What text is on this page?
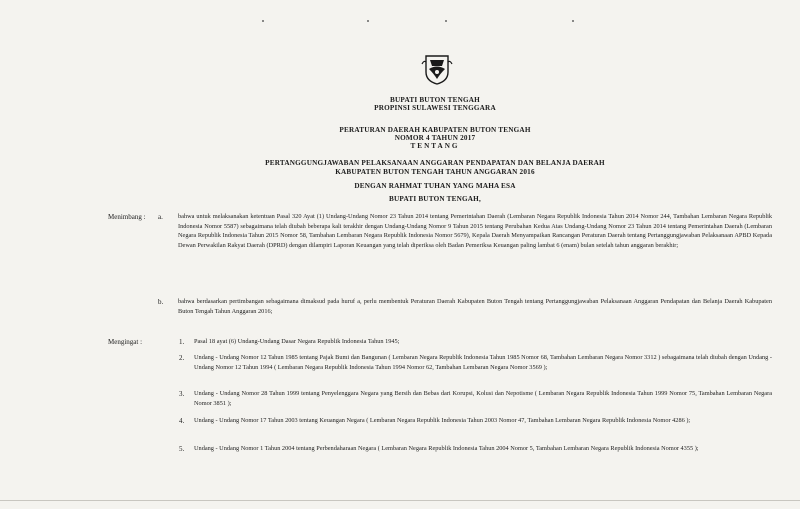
BUPATI BUTON TENGAH
PROPINSI SULAWESI TENGGARA
PERATURAN DAERAH KABUPATEN BUTON TENGAH
NOMOR 4 TAHUN 2017
TENTANG
PERTANGGUNGJAWABAN PELAKSANAAN ANGGARAN PENDAPATAN DAN BELANJA DAERAH
KABUPATEN BUTON TENGAH TAHUN ANGGARAN 2016
DENGAN RAHMAT TUHAN YANG MAHA ESA
BUPATI BUTON TENGAH,
Menimbang : a. bahwa untuk melaksanakan ketentuan Pasal 320 Ayat (1) Undang-Undang Nomor 23 Tahun 2014 tentang Pemerintahan Daerah (Lembaran Negara Republik Indonesia Tahun 2014 Nomor 244, Tambahan Lembaran Negara Republik Indonesia Nomor 5587) sebagaimana telah diubah beberapa kali terakhir dengan Undang-Undang Nomor 9 Tahun 2015 tentang Perubahan Kedua Atas Undang-Undang Nomor 23 Tahun 2014 tentang Pemerintahan Daerah (Lembaran Negara Republik Indonesia Tahun 2015 Nomor 58, Tambahan Lembaran Negara Republik Indonesia Nomor 5679), Kepala Daerah Menyampaikan Rancangan Peraturan Daerah tentang Pertanggungjawaban Pelaksanaan APBD Kepada Dewan Perwakilan Rakyat Daerah (DPRD) dengan dilampiri Laporan Keuangan yang telah diperiksa oleh Badan Pemeriksa Keuangan paling lambat 6 (enam) bulan setelah tahun anggaran berakhir;

b. bahwa berdasarkan pertimbangan sebagaimana dimaksud pada huruf a, perlu membentuk Peraturan Daerah Kabupaten Buton Tengah tentang Pertanggungjawaban Pelaksanaan Anggaran Pendapatan dan Belanja Daerah Kabupaten Buton Tengah Tahun Anggaran 2016;

Mengingat :	1. Pasal 18 ayat (6) Undang-Undang Dasar Negara Republik Indonesia Tahun 1945;

2. Undang - Undang Nomor 12 Tahun 1985 tentang Pajak Bumi dan Bangunan ( Lembaran Negara Republik Indonesia Tahun 1985 Nomor 68, Tambahan Lembaran Negara Nomor 3312 ) sebagaimana telah diubah dengan Undang -Undang Nomor 12 Tahun 1994 ( Lembaran Negara Republik Indonesia Tahun 1994 Nomor 62, Tambahan Lembaran Negara Nomor 3569 );

3. Undang - Undang Nomor 28 Tahun 1999 tentang Penyelenggara Negara yang Bersih dan Bebas dari Korupsi, Kolusi dan Nepotisme ( Lembaran Negara Republik Indonesia Tahun 1999 Nomor 75, Tambahan Lembaran Negara Nomor 3851 );

4. Undang - Undang Nomor 17 Tahun 2003 tentang Keuangan Negara ( Lembaran Negara Republik Indonesia Tahun 2003 Nomor 47, Tambahan Lembaran Negara Republik Indonesia Nomor 4286 );

5. Undang - Undang Nomor 1 Tahun 2004 tentang Perbendaharaan Negara ( Lembaran Negara Republik Indonesia Tahun 2004 Nomor 5, Tambahan Lembaran Negara Republik Indonesia Nomor 4355 );
